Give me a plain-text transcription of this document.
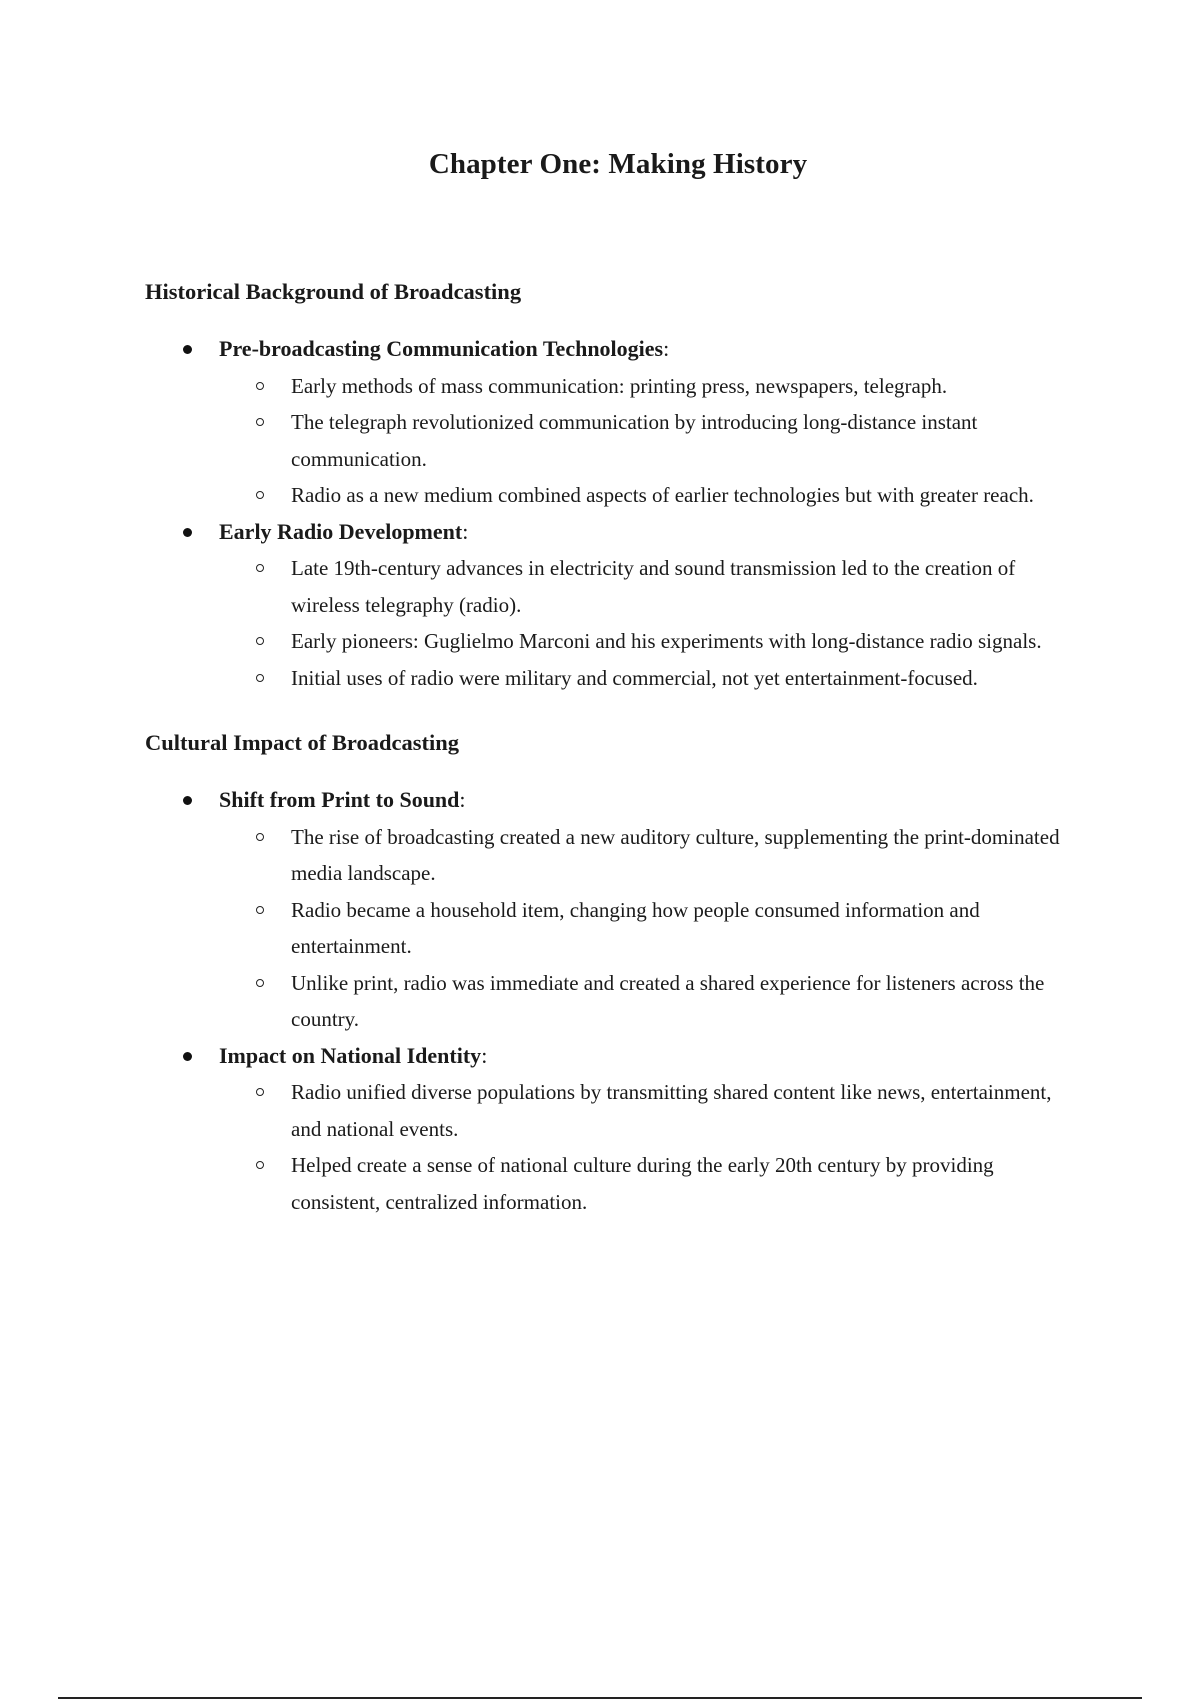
Chapter One: Making History
Historical Background of Broadcasting
Pre-broadcasting Communication Technologies:
Early methods of mass communication: printing press, newspapers, telegraph.
The telegraph revolutionized communication by introducing long-distance instant communication.
Radio as a new medium combined aspects of earlier technologies but with greater reach.
Early Radio Development:
Late 19th-century advances in electricity and sound transmission led to the creation of wireless telegraphy (radio).
Early pioneers: Guglielmo Marconi and his experiments with long-distance radio signals.
Initial uses of radio were military and commercial, not yet entertainment-focused.
Cultural Impact of Broadcasting
Shift from Print to Sound:
The rise of broadcasting created a new auditory culture, supplementing the print-dominated media landscape.
Radio became a household item, changing how people consumed information and entertainment.
Unlike print, radio was immediate and created a shared experience for listeners across the country.
Impact on National Identity:
Radio unified diverse populations by transmitting shared content like news, entertainment, and national events.
Helped create a sense of national culture during the early 20th century by providing consistent, centralized information.
